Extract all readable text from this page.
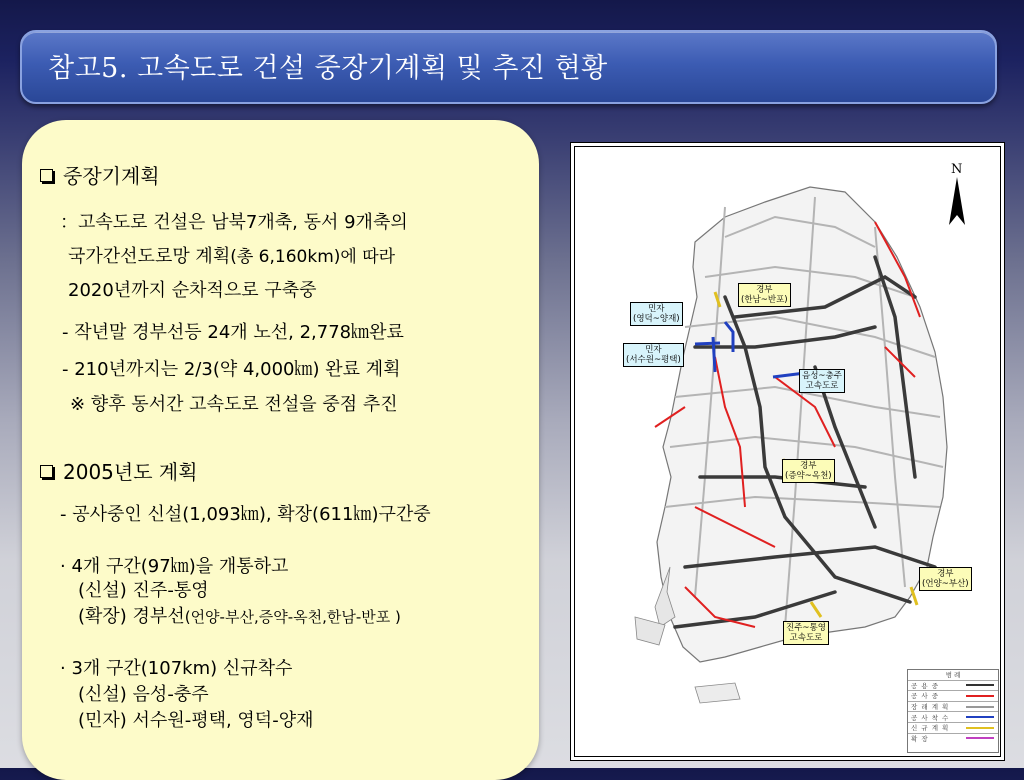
참고5. 고속도로 건설 중장기계획 및 추진 현황
중장기계획
：고속도로 건설은 남북7개축, 동서 9개축의
국가간선도로망 계획(총 6,160km)에 따라
2020년까지 순차적으로 구축중
- 작년말 경부선등 24개 노선, 2,778㎞완료
- 210년까지는 2/3(약 4,000㎞) 완료 계획
※ 향후 동서간 고속도로 전설을 중점 추진
2005년도 계획
- 공사중인 신설(1,093㎞), 확장(611㎞)구간중
· 4개 구간(97㎞)을 개통하고
(신설) 진주-통영
(확장) 경부선(언양-부산,증약-옥천,한남-반포 )
· 3개 구간(107km) 신규착수
(신설) 음성-충주
(민자) 서수원-평택, 영덕-양재
N
경부
(한남~반포)
민자
(영덕~양재)
민자
(서수원~평택)
음성~충주
고속도로
경부
(증약~옥천)
경부
(언양~부산)
진주~통영
고속도로
범 례
공 용 중
공 사 중
장 래 계 획
공 사 착 수
신 규 계 획
확 장
